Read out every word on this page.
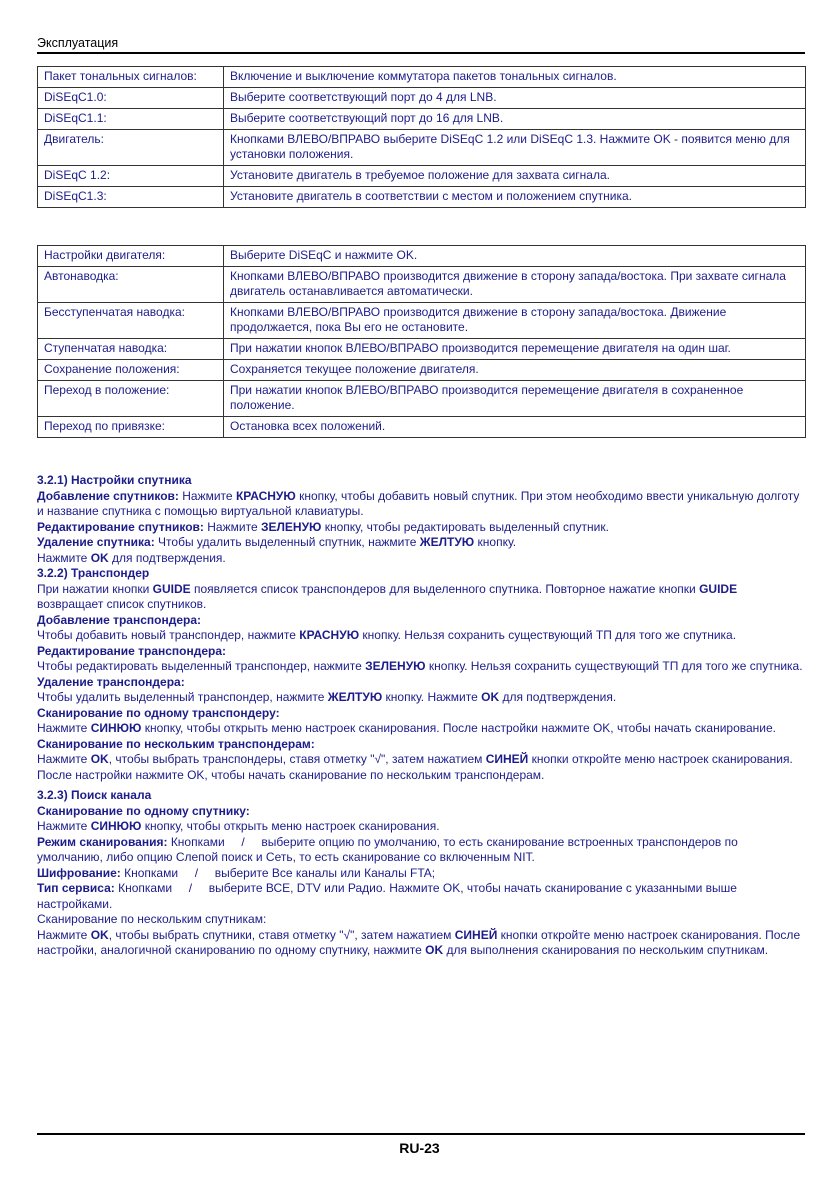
Эксплуатация
Пакет тональных сигналов:	Включение и выключение коммутатора пакетов тональных сигналов.
DiSEqC1.0:	Выберите соответствующий порт до 4 для LNB.
DiSEqC1.1:	Выберите соответствующий порт до 16 для LNB.
Двигатель:	Кнопками ВЛЕВО/ВПРАВО выберите DiSEqC 1.2 или DiSEqC 1.3. Нажмите OK - появится меню для установки положения.
DiSEqC 1.2:	Установите двигатель в требуемое положение для захвата сигнала.
DiSEqC1.3:	Установите двигатель в соответствии с местом и положением спутника.
Настройки двигателя:	Выберите DiSEqC и нажмите OK.
Автонаводка:	Кнопками ВЛЕВО/ВПРАВО производится движение в сторону запада/востока. При захвате сигнала двигатель останавливается автоматически.
Бесступенчатая наводка:	Кнопками ВЛЕВО/ВПРАВО производится движение в сторону запада/востока. Движение продолжается, пока Вы его не остановите.
Ступенчатая наводка:	При нажатии кнопок ВЛЕВО/ВПРАВО производится перемещение двигателя на один шаг.
Сохранение положения:	Сохраняется текущее положение двигателя.
Переход в положение:	При нажатии кнопок ВЛЕВО/ВПРАВО производится перемещение двигателя в сохраненное положение.
Переход по привязке:	Остановка всех положений.

3.2.1) Настройки спутника

Добавление спутников: Нажмите КРАСНУЮ кнопку, чтобы добавить новый спутник. При этом необходимо ввести уникальную долготу и название спутника с помощью виртуальной клавиатуры.

Редактирование спутников: Нажмите ЗЕЛЕНУЮ кнопку, чтобы редактировать выделенный спутник.

Удаление спутника: Чтобы удалить выделенный спутник, нажмите ЖЕЛТУЮ кнопку.

Нажмите OK для подтверждения.

3.2.2) Транспондер

При нажатии кнопки GUIDE появляется список транспондеров для выделенного спутника. Повторное нажатие кнопки GUIDE возвращает список спутников.

Добавление транспондера:

Чтобы добавить новый транспондер, нажмите КРАСНУЮ кнопку. Нельзя сохранить существующий ТП для того же спутника.

Редактирование транспондера:

Чтобы редактировать выделенный транспондер, нажмите ЗЕЛЕНУЮ кнопку. Нельзя сохранить существующий ТП для того же спутника.

Удаление транспондера:

Чтобы удалить выделенный транспондер, нажмите ЖЕЛТУЮ кнопку. Нажмите OK для подтверждения.

Сканирование по одному транспондеру:

Нажмите СИНЮЮ кнопку, чтобы открыть меню настроек сканирования. После настройки нажмите OK, чтобы начать сканирование.

Сканирование по нескольким транспондерам:

Нажмите OK, чтобы выбрать транспондеры, ставя отметку "√", затем нажатием СИНЕЙ кнопки откройте меню настроек сканирования. После настройки нажмите OK, чтобы начать сканирование по нескольким транспондерам.

3.2.3) Поиск канала

Сканирование по одному спутнику:

Нажмите СИНЮЮ кнопку, чтобы открыть меню настроек сканирования.

Режим сканирования: Кнопками     /     выберите опцию по умолчанию, то есть сканирование встроенных транспондеров по умолчанию, либо опцию Слепой поиск и Сеть, то есть сканирование со включенным NIT.

Шифрование: Кнопками     /     выберите Все каналы или Каналы FTA;

Тип сервиса: Кнопками     /     выберите ВСЕ, DTV или Радио. Нажмите OK, чтобы начать сканирование с указанными выше настройками.

Сканирование по нескольким спутникам:

Нажмите OK, чтобы выбрать спутники, ставя отметку "√", затем нажатием СИНЕЙ кнопки откройте меню настроек сканирования. После настройки, аналогичной сканированию по одному спутнику, нажмите OK для выполнения сканирования по нескольким спутникам.

RU-23
